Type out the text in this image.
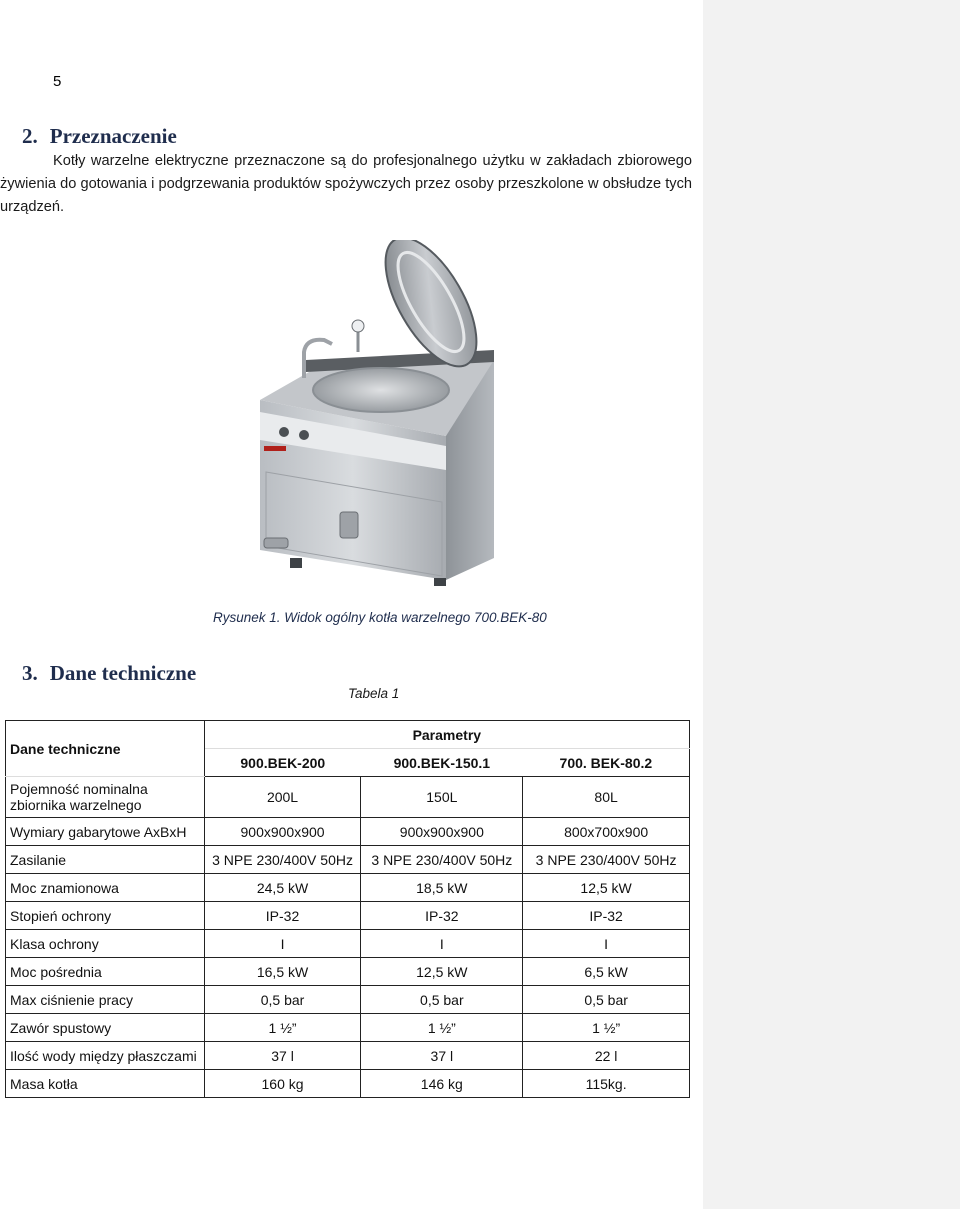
5
2. Przeznaczenie
Kotły warzelne elektryczne przeznaczone są do profesjonalnego użytku w zakładach zbiorowego żywienia do gotowania i podgrzewania produktów spożywczych przez osoby przeszkolone w obsłudze tych urządzeń.
Rysunek 1. Widok ogólny kotła warzelnego 700.BEK-80
3. Dane techniczne
Tabela 1
Dane techniczne	Parametry		
	900.BEK-200	900.BEK-150.1	700. BEK-80.2
Pojemność nominalna zbiornika warzelnego	200L	150L	80L
Wymiary gabarytowe AxBxH	900x900x900	900x900x900	800x700x900
Zasilanie	3 NPE 230/400V 50Hz	3 NPE 230/400V 50Hz	3 NPE 230/400V 50Hz
Moc znamionowa	24,5 kW	18,5 kW	12,5 kW
Stopień ochrony	IP-32	IP-32	IP-32
Klasa ochrony	I	I	I
Moc pośrednia	16,5 kW	12,5 kW	6,5 kW
Max ciśnienie pracy	0,5 bar	0,5 bar	0,5 bar
Zawór spustowy	1 ½”	1 ½”	1 ½”
Ilość wody między płaszczami	37 l	37 l	22 l
Masa kotła	160 kg	146 kg	115kg.
